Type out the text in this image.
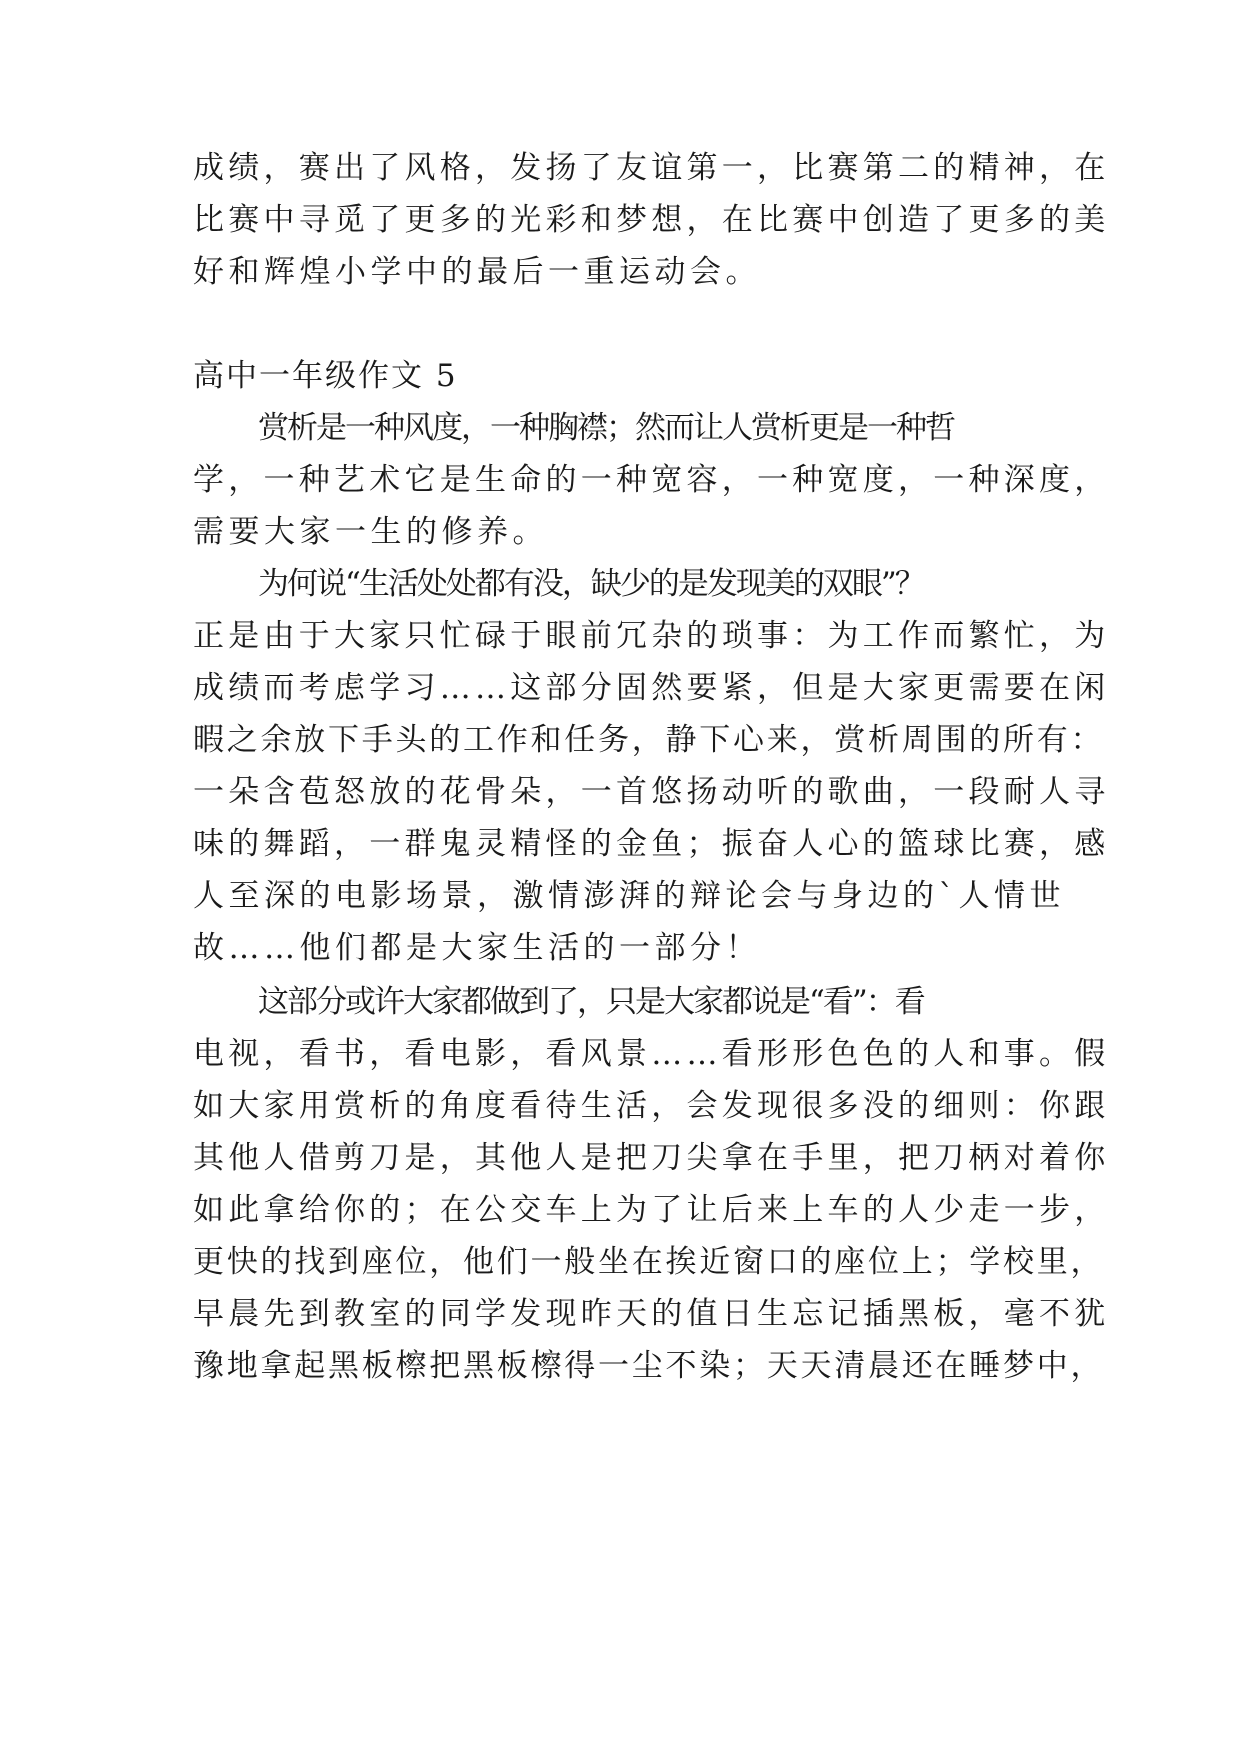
成绩，赛出了风格，发扬了友谊第一，比赛第二的精神，在
比赛中寻觅了更多的光彩和梦想，在比赛中创造了更多的美
好和辉煌小学中的最后一重运动会。
高中一年级作文 5
赏析是一种风度，一种胸襟；然而让人赏析更是一种哲
学，一种艺术它是生命的一种宽容，一种宽度，一种深度，
需要大家一生的修养。
为何说“生活处处都有没，缺少的是发现美的双眼”？
正是由于大家只忙碌于眼前冗杂的琐事：为工作而繁忙，为
成绩而考虑学习……这部分固然要紧，但是大家更需要在闲
暇之余放下手头的工作和任务，静下心来，赏析周围的所有：
一朵含苞怒放的花骨朵，一首悠扬动听的歌曲，一段耐人寻
味的舞蹈，一群鬼灵精怪的金鱼；振奋人心的篮球比赛，感
人至深的电影场景，激情澎湃的辩论会与身边的`人情世
故……他们都是大家生活的一部分！
这部分或许大家都做到了，只是大家都说是“看”：看
电视，看书，看电影，看风景……看形形色色的人和事。假
如大家用赏析的角度看待生活，会发现很多没的细则：你跟
其他人借剪刀是，其他人是把刀尖拿在手里，把刀柄对着你
如此拿给你的；在公交车上为了让后来上车的人少走一步，
更快的找到座位，他们一般坐在挨近窗口的座位上；学校里，
早晨先到教室的同学发现昨天的值日生忘记插黑板，毫不犹
豫地拿起黑板檫把黑板檫得一尘不染；天天清晨还在睡梦中，
